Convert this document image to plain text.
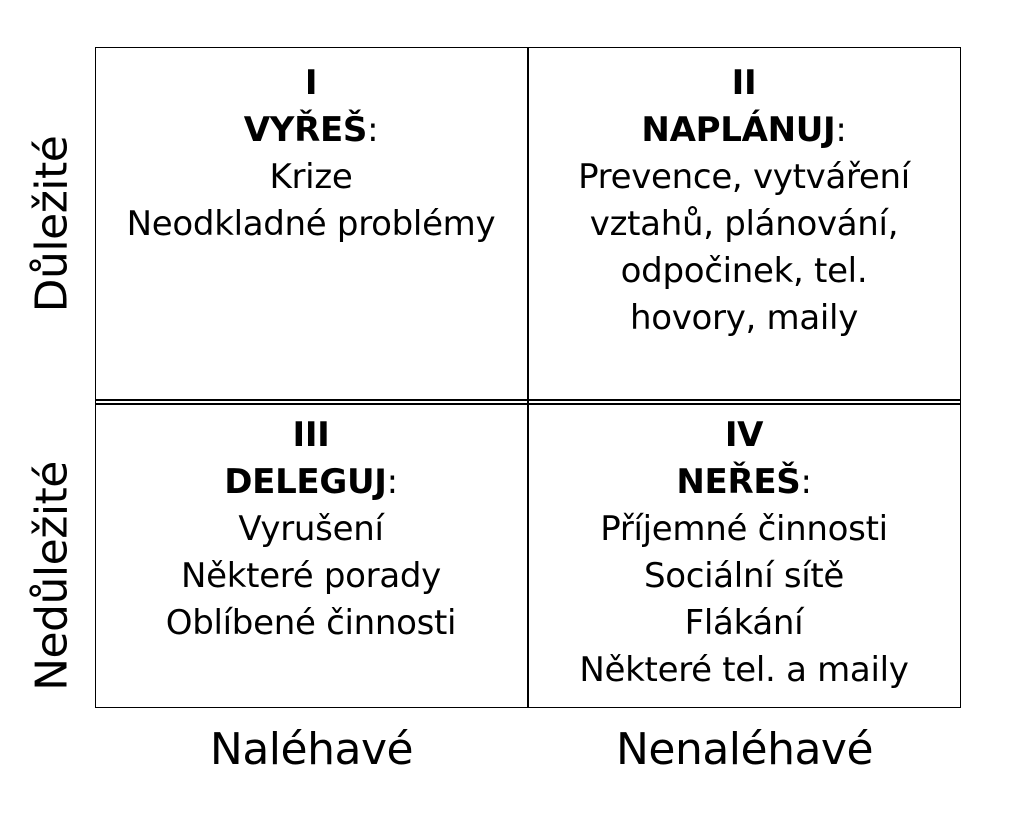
Důležité
Nedůležité
I
VYŘEŠ:
Krize
Neodkladné problémy
II
NAPLÁNUJ:
Prevence, vytváření
vztahů, plánování,
odpočinek, tel.
hovory, maily
III
DELEGUJ:
Vyrušení
Některé porady
Oblíbené činnosti
IV
NEŘEŠ:
Příjemné činnosti
Sociální sítě
Flákání
Některé tel. a maily
Naléhavé	Nenaléhavé
